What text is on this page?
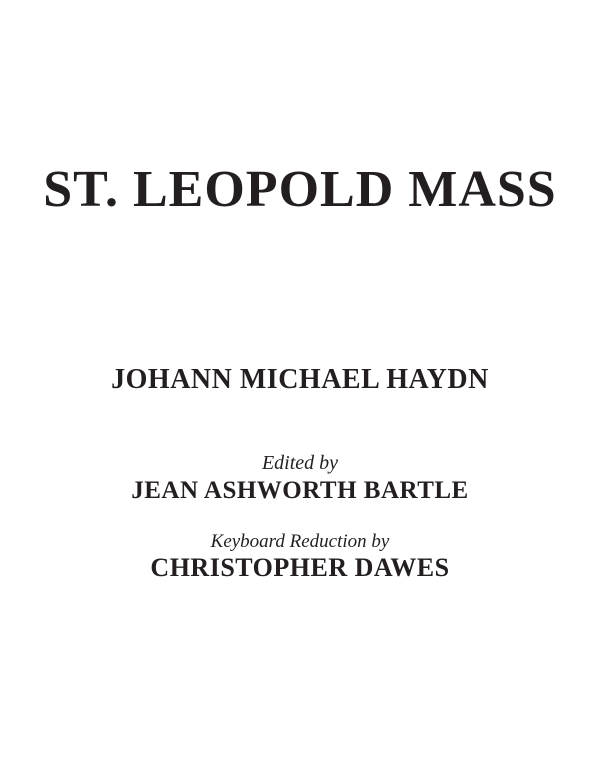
ST. LEOPOLD MASS
JOHANN MICHAEL HAYDN
Edited by
JEAN ASHWORTH BARTLE
Keyboard Reduction by
CHRISTOPHER DAWES
